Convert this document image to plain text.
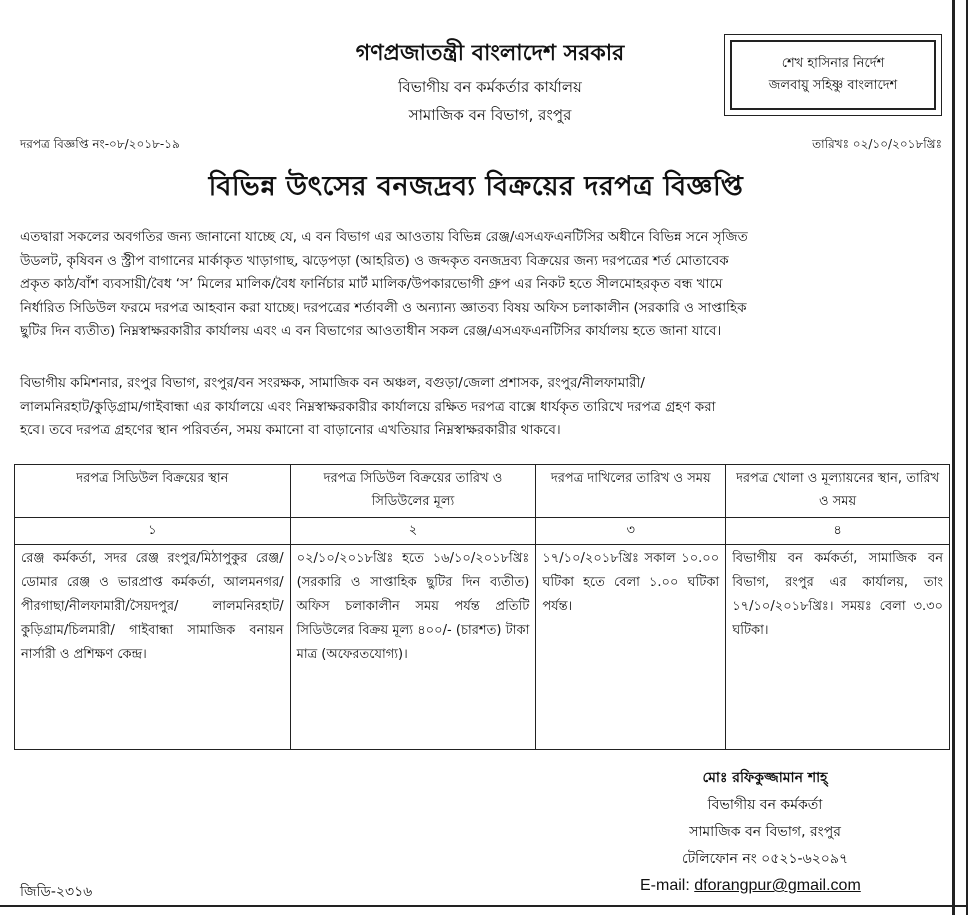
গণপ্রজাতন্ত্রী বাংলাদেশ সরকার
বিভাগীয় বন কর্মকর্তার কার্যালয়
সামাজিক বন বিভাগ, রংপুর
শেখ হাসিনার নির্দেশ
জলবায়ু সহিষ্ণু বাংলাদেশ
দরপত্র বিজ্ঞপ্তি নং-০৮/২০১৮-১৯	তারিখঃ ০২/১০/২০১৮খ্রিঃ
বিভিন্ন উৎসের বনজদ্রব্য বিক্রয়ের দরপত্র বিজ্ঞপ্তি
এতদ্বারা সকলের অবগতির জন্য জানানো যাচ্ছে যে, এ বন বিভাগ এর আওতায় বিভিন্ন রেঞ্জ/এসএফএনটিসির অধীনে বিভিন্ন সনে সৃজিত
উডলট, কৃষিবন ও স্ট্রীপ বাগানের মার্কাকৃত খাড়াগাছ, ঝড়েপড়া (আহরিত) ও জব্দকৃত বনজদ্রব্য বিক্রয়ের জন্য দরপত্রের শর্ত মোতাবেক
প্রকৃত কাঠ/বাঁশ ব্যবসায়ী/বৈধ ‘স’ মিলের মালিক/বৈধ ফার্নিচার মার্ট মালিক/উপকারভোগী গ্রুপ এর নিকট হতে সীলমোহরকৃত বন্ধ খামে
নির্ধারিত সিডিউল ফরমে দরপত্র আহবান করা যাচ্ছে। দরপত্রের শর্তাবলী ও অন্যান্য জ্ঞাতব্য বিষয় অফিস চলাকালীন (সরকারি ও সাপ্তাহিক
ছুটির দিন ব্যতীত) নিম্নস্বাক্ষরকারীর কার্যালয় এবং এ বন বিভাগের আওতাধীন সকল রেঞ্জ/এসএফএনটিসির কার্যালয় হতে জানা যাবে।
বিভাগীয় কমিশনার, রংপুর বিভাগ, রংপুর/বন সংরক্ষক, সামাজিক বন অঞ্চল, বগুড়া/জেলা প্রশাসক, রংপুর/নীলফামারী/
লালমনিরহাট/কুড়িগ্রাম/গাইবান্ধা এর কার্যালয়ে এবং নিম্নস্বাক্ষরকারীর কার্যালয়ে রক্ষিত দরপত্র বাক্সে ধার্যকৃত তারিখে দরপত্র গ্রহণ করা
হবে। তবে দরপত্র গ্রহণের স্থান পরিবর্তন, সময় কমানো বা বাড়ানোর এখতিয়ার নিম্নস্বাক্ষরকারীর থাকবে।
দরপত্র সিডিউল বিক্রয়ের স্থান	দরপত্র সিডিউল বিক্রয়ের তারিখ ও সিডিউলের মূল্য	দরপত্র দাখিলের তারিখ ও সময়	দরপত্র খোলা ও মূল্যায়নের স্থান, তারিখ ও সময়
১	২	৩	৪
রেঞ্জ কর্মকর্তা, সদর রেঞ্জ রংপুর/মিঠাপুকুর রেঞ্জ/ডোমার রেঞ্জ ও ভারপ্রাপ্ত কর্মকর্তা, আলমনগর/ পীরগাছা/নীলফামারী/সৈয়দপুর/ লালমনিরহাট/কুড়িগ্রাম/চিলমারী/ গাইবান্ধা সামাজিক বনায়ন নার্সারী ও প্রশিক্ষণ কেন্দ্র।	০২/১০/২০১৮খ্রিঃ হতে ১৬/১০/২০১৮খ্রিঃ (সরকারি ও সাপ্তাহিক ছুটির দিন ব্যতীত) অফিস চলাকালীন সময় পর্যন্ত প্রতিটি সিডিউলের বিক্রয় মূল্য ৪০০/- (চারশত) টাকা মাত্র (অফেরতযোগ্য)।	১৭/১০/২০১৮খ্রিঃ সকাল ১০.০০ ঘটিকা হতে বেলা ১.০০ ঘটিকা পর্যন্ত।	বিভাগীয় বন কর্মকর্তা, সামাজিক বন বিভাগ, রংপুর এর কার্যালয়, তাং ১৭/১০/২০১৮খ্রিঃ। সময়ঃ বেলা ৩.৩০ ঘটিকা।
মোঃ রফিকুজ্জামান শাহ্‌
বিভাগীয় বন কর্মকর্তা
সামাজিক বন বিভাগ, রংপুর
টেলিফোন নং ০৫২১-৬২০৯৭
E-mail: dforangpur@gmail.com
জিডি-২৩১৬
